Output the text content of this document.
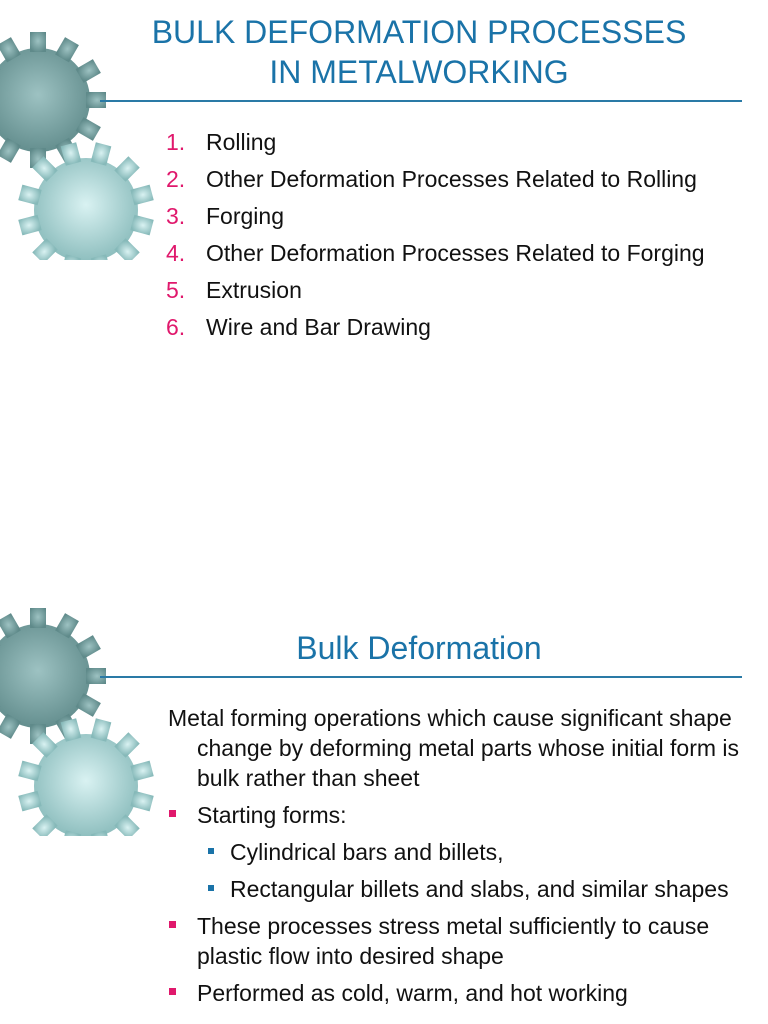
BULK DEFORMATION PROCESSES
IN METALWORKING
1. Rolling
2. Other Deformation Processes Related to Rolling
3. Forging
4. Other Deformation Processes Related to Forging
5. Extrusion
6. Wire and Bar Drawing
Bulk Deformation

Metal forming operations which cause significant shape change by deforming metal parts whose initial form is bulk rather than sheet

Starting forms:
Cylindrical bars and billets,
Rectangular billets and slabs, and similar shapes
These processes stress metal sufficiently to cause plastic flow into desired shape
Performed as cold, warm, and hot working
